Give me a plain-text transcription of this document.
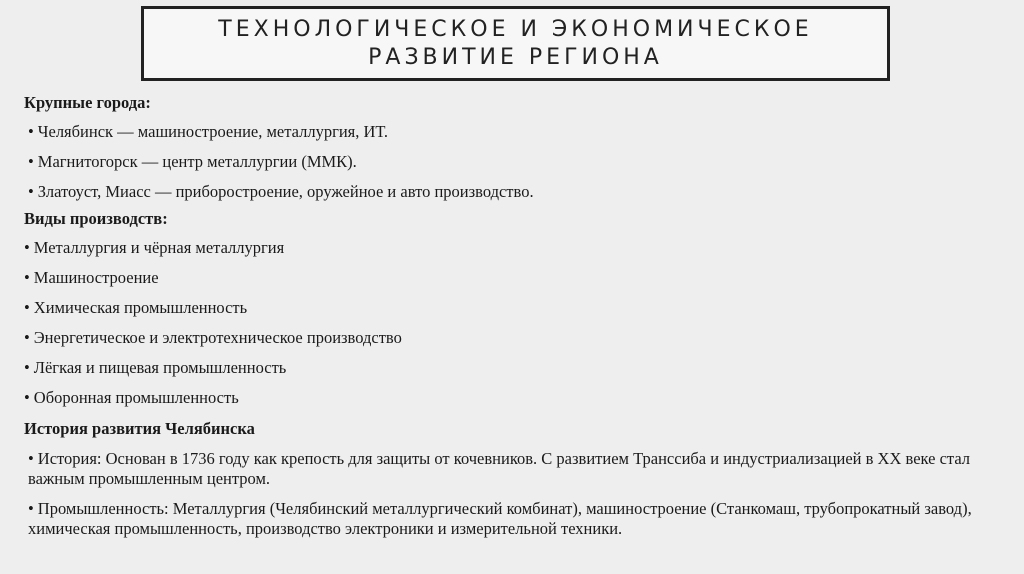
ТЕХНОЛОГИЧЕСКОЕ И ЭКОНОМИЧЕСКОЕ РАЗВИТИЕ РЕГИОНА
Крупные города:
• Челябинск — машиностроение, металлургия, ИТ.
• Магнитогорск — центр металлургии (ММК).
• Златоуст, Миасс — приборостроение, оружейное и авто производство.
Виды производств:
• Металлургия и чёрная металлургия
• Машиностроение
• Химическая промышленность
• Энергетическое и электротехническое производство
• Лёгкая и пищевая промышленность
• Оборонная промышленность
История развития Челябинска
• История: Основан в 1736 году как крепость для защиты от кочевников. С развитием Транссиба и индустриализацией в XX веке стал важным промышленным центром.
• Промышленность: Металлургия (Челябинский металлургический комбинат), машиностроение (Станкомаш, трубопрокатный завод), химическая промышленность, производство электроники и измерительной техники.
